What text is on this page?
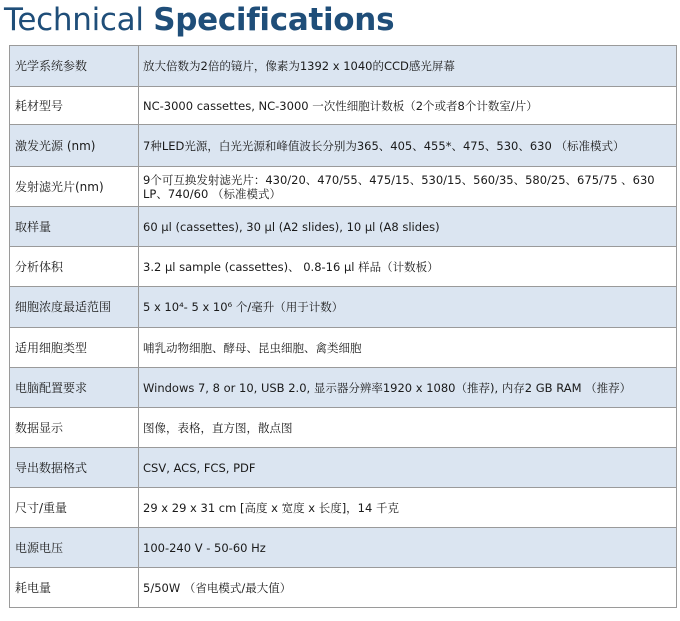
Technical Specifications
光学系统参数	放大倍数为2倍的镜片，像素为1392 x 1040的CCD感光屏幕
耗材型号	NC-3000 cassettes, NC-3000 一次性细胞计数板（2个或者8个计数室/片）
激发光源 (nm)	7种LED光源，白光光源和峰值波长分别为365、405、455*、475、530、630 （标准模式）
发射滤光片(nm)	9个可互换发射滤光片：430/20、470/55、475/15、530/15、560/35、580/25、675/75 、630 LP、740/60 （标准模式）
取样量	60 µl (cassettes), 30 µl (A2 slides), 10 µl (A8 slides)
分析体积	3.2 µl sample (cassettes)、 0.8-16 µl 样品（计数板）
细胞浓度最适范围	5 x 10⁴- 5 x 10⁶ 个/毫升（用于计数）
适用细胞类型	哺乳动物细胞、酵母、昆虫细胞、禽类细胞
电脑配置要求	Windows 7, 8 or 10, USB 2.0, 显示器分辨率1920 x 1080（推荐), 内存2 GB RAM （推荐）
数据显示	图像，表格，直方图，散点图
导出数据格式	CSV, ACS, FCS, PDF
尺寸/重量	29 x 29 x 31 cm [高度 x 宽度 x 长度]，14 千克
电源电压	100-240 V - 50-60 Hz
耗电量	5/50W （省电模式/最大值）
